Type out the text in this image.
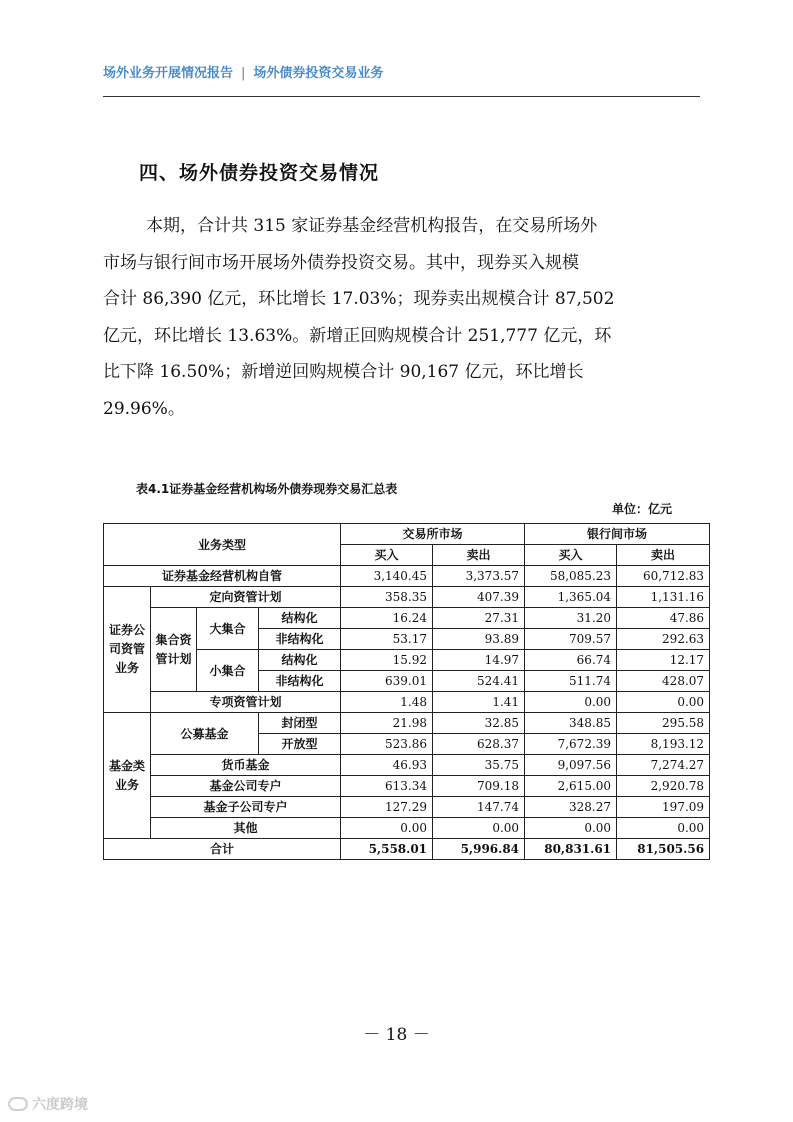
场外业务开展情况报告 | 场外债券投资交易业务
四、场外债券投资交易情况
本期，合计共 315 家证券基金经营机构报告，在交易所场外
市场与银行间市场开展场外债券投资交易。其中，现券买入规模
合计 86,390 亿元，环比增长 17.03%；现券卖出规模合计 87,502
亿元，环比增长 13.63%。新增正回购规模合计 251,777 亿元，环
比下降 16.50%；新增逆回购规模合计 90,167 亿元，环比增长
29.96%。
表4.1证券基金经营机构场外债券现券交易汇总表
单位：亿元
业务类型				交易所市场		银行间市场	
				买入	卖出	买入	卖出
证券基金经营机构自管				3,140.45	3,373.57	58,085.23	60,712.83
证券公司资管业务	定向资管计划			358.35	407.39	1,365.04	1,131.16
	集合资管计划	大集合	结构化	16.24	27.31	31.20	47.86
			非结构化	53.17	93.89	709.57	292.63
		小集合	结构化	15.92	14.97	66.74	12.17
			非结构化	639.01	524.41	511.74	428.07
	专项资管计划			1.48	1.41	0.00	0.00
基金类业务	公募基金		封闭型	21.98	32.85	348.85	295.58
			开放型	523.86	628.37	7,672.39	8,193.12
	货币基金			46.93	35.75	9,097.56	7,274.27
	基金公司专户			613.34	709.18	2,615.00	2,920.78
	基金子公司专户			127.29	147.74	328.27	197.09
	其他			0.00	0.00	0.00	0.00
合计				5,558.01	5,996.84	80,831.61	81,505.56
－ 18 －
六度跨境
